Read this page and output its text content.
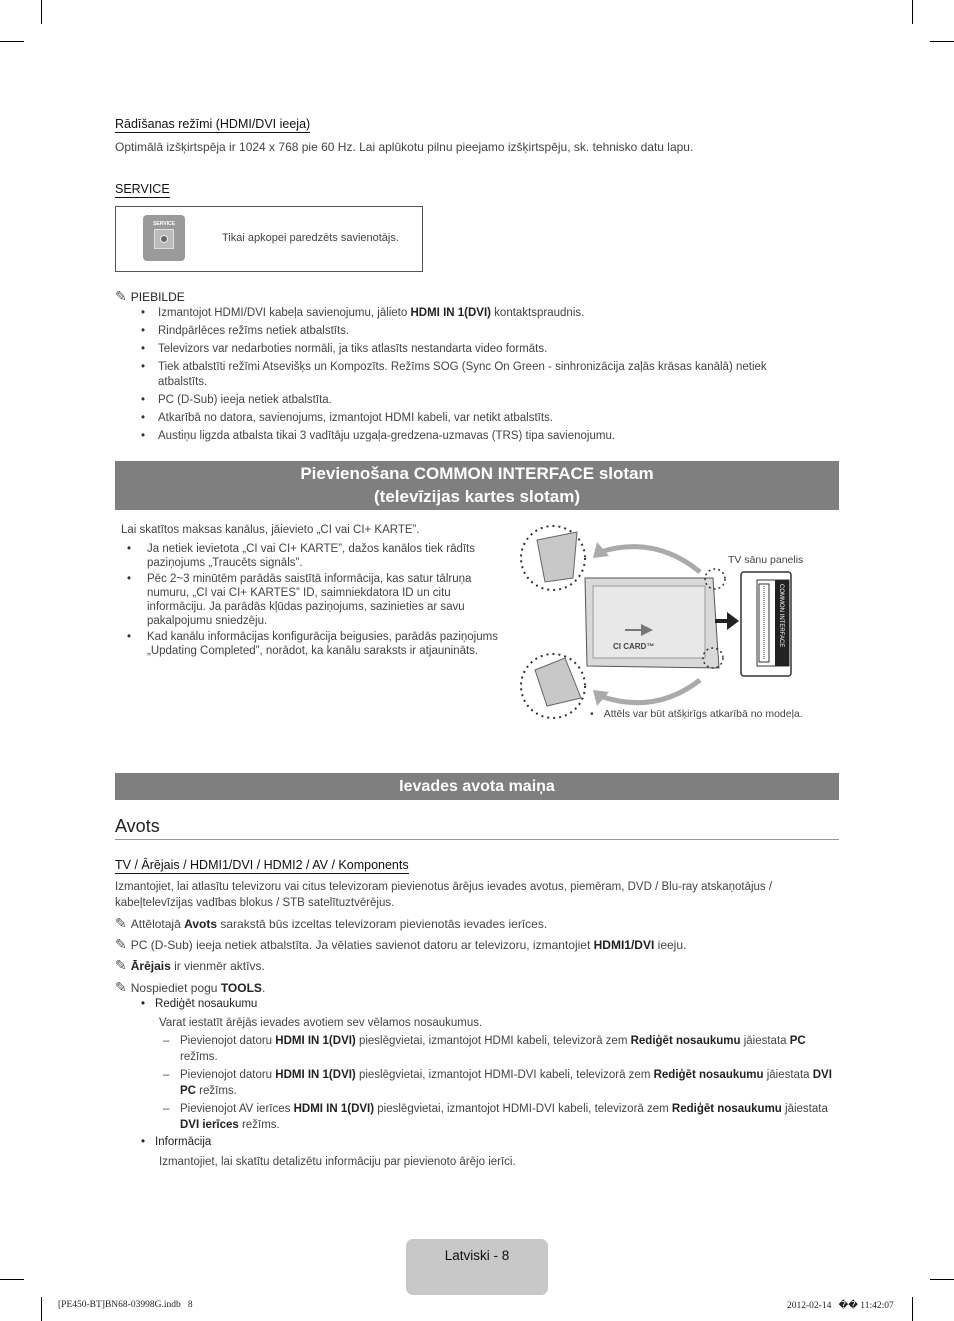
Rādīšanas režīmi (HDMI/DVI ieeja)
Optimālā izšķirtspēja ir 1024 x 768 pie 60 Hz. Lai aplūkotu pilnu pieejamo izšķirtspēju, sk. tehnisko datu lapu.
SERVICE
SERVICE
Tikai apkopei paredzēts savienotājs.
✎ PIEBILDE
• Izmantojot HDMI/DVI kabeļa savienojumu, jālieto HDMI IN 1(DVI) kontaktspraudnis.
• Rindpārlēces režīms netiek atbalstīts.
• Televizors var nedarboties normāli, ja tiks atlasīts nestandarta video formāts.
• Tiek atbalstīti režīmi Atsevišķs un Kompozīts. Režīms SOG (Sync On Green - sinhronizācija zaļās krāsas kanālā) netiek atbalstīts.
• PC (D-Sub) ieeja netiek atbalstīta.
• Atkarībā no datora, savienojums, izmantojot HDMI kabeli, var netikt atbalstīts.
• Austiņu ligzda atbalsta tikai 3 vadītāju uzgaļa-gredzena-uzmavas (TRS) tipa savienojumu.
Pievienošana COMMON INTERFACE slotam
(televīzijas kartes slotam)
Lai skatītos maksas kanālus, jāievieto „CI vai CI+ KARTE”.
• Ja netiek ievietota „CI vai CI+ KARTE”, dažos kanālos tiek rādīts paziņojums „Traucēts signāls”.
• Pēc 2~3 minūtēm parādās saistītā informācija, kas satur tālruņa numuru, „CI vai CI+ KARTES” ID, saimniekdatora ID un citu informāciju. Ja parādās kļūdas paziņojums, sazinieties ar savu pakalpojumu sniedzēju.
• Kad kanālu informācijas konfigurācija beigusies, parādās paziņojums „Updating Completed”, norādot, ka kanālu saraksts ir atjaunināts.	CI CARD™	COMMON INTERFACE
TV sānu panelis
• Attēls var būt atšķirīgs atkarībā no modeļa.
Ievades avota maiņa
Avots
TV / Ārējais / HDMI1/DVI / HDMI2 / AV / Komponents
Izmantojiet, lai atlasītu televizoru vai citus televizoram pievienotus ārējus ievades avotus, piemēram, DVD / Blu-ray atskaņotājus / kabeļtelevīzijas vadības blokus / STB satelītuztvērējus.
✎ Attēlotajā Avots sarakstā būs izceltas televizoram pievienotās ievades ierīces.
✎ PC (D-Sub) ieeja netiek atbalstīta. Ja vēlaties savienot datoru ar televizoru, izmantojiet HDMI1/DVI ieeju.
✎ Ārējais ir vienmēr aktīvs.
✎ Nospiediet pogu TOOLS.
• Rediģēt nosaukumu
Varat iestatīt ārējās ievades avotiem sev vēlamos nosaukumus.
– Pievienojot datoru HDMI IN 1(DVI) pieslēgvietai, izmantojot HDMI kabeli, televizorā zem Rediģēt nosaukumu jāiestata PC režīms.
– Pievienojot datoru HDMI IN 1(DVI) pieslēgvietai, izmantojot HDMI-DVI kabeli, televizorā zem Rediģēt nosaukumu jāiestata DVI PC režīms.
– Pievienojot AV ierīces HDMI IN 1(DVI) pieslēgvietai, izmantojot HDMI-DVI kabeli, televizorā zem Rediģēt nosaukumu jāiestata DVI ierīces režīms.
• Informācija
Izmantojiet, lai skatītu detalizētu informāciju par pievienoto ārējo ierīci.
Latviski - 8
[PE450-BT]BN68-03998G.indb   8	2012-02-14   �� 11:42:07
